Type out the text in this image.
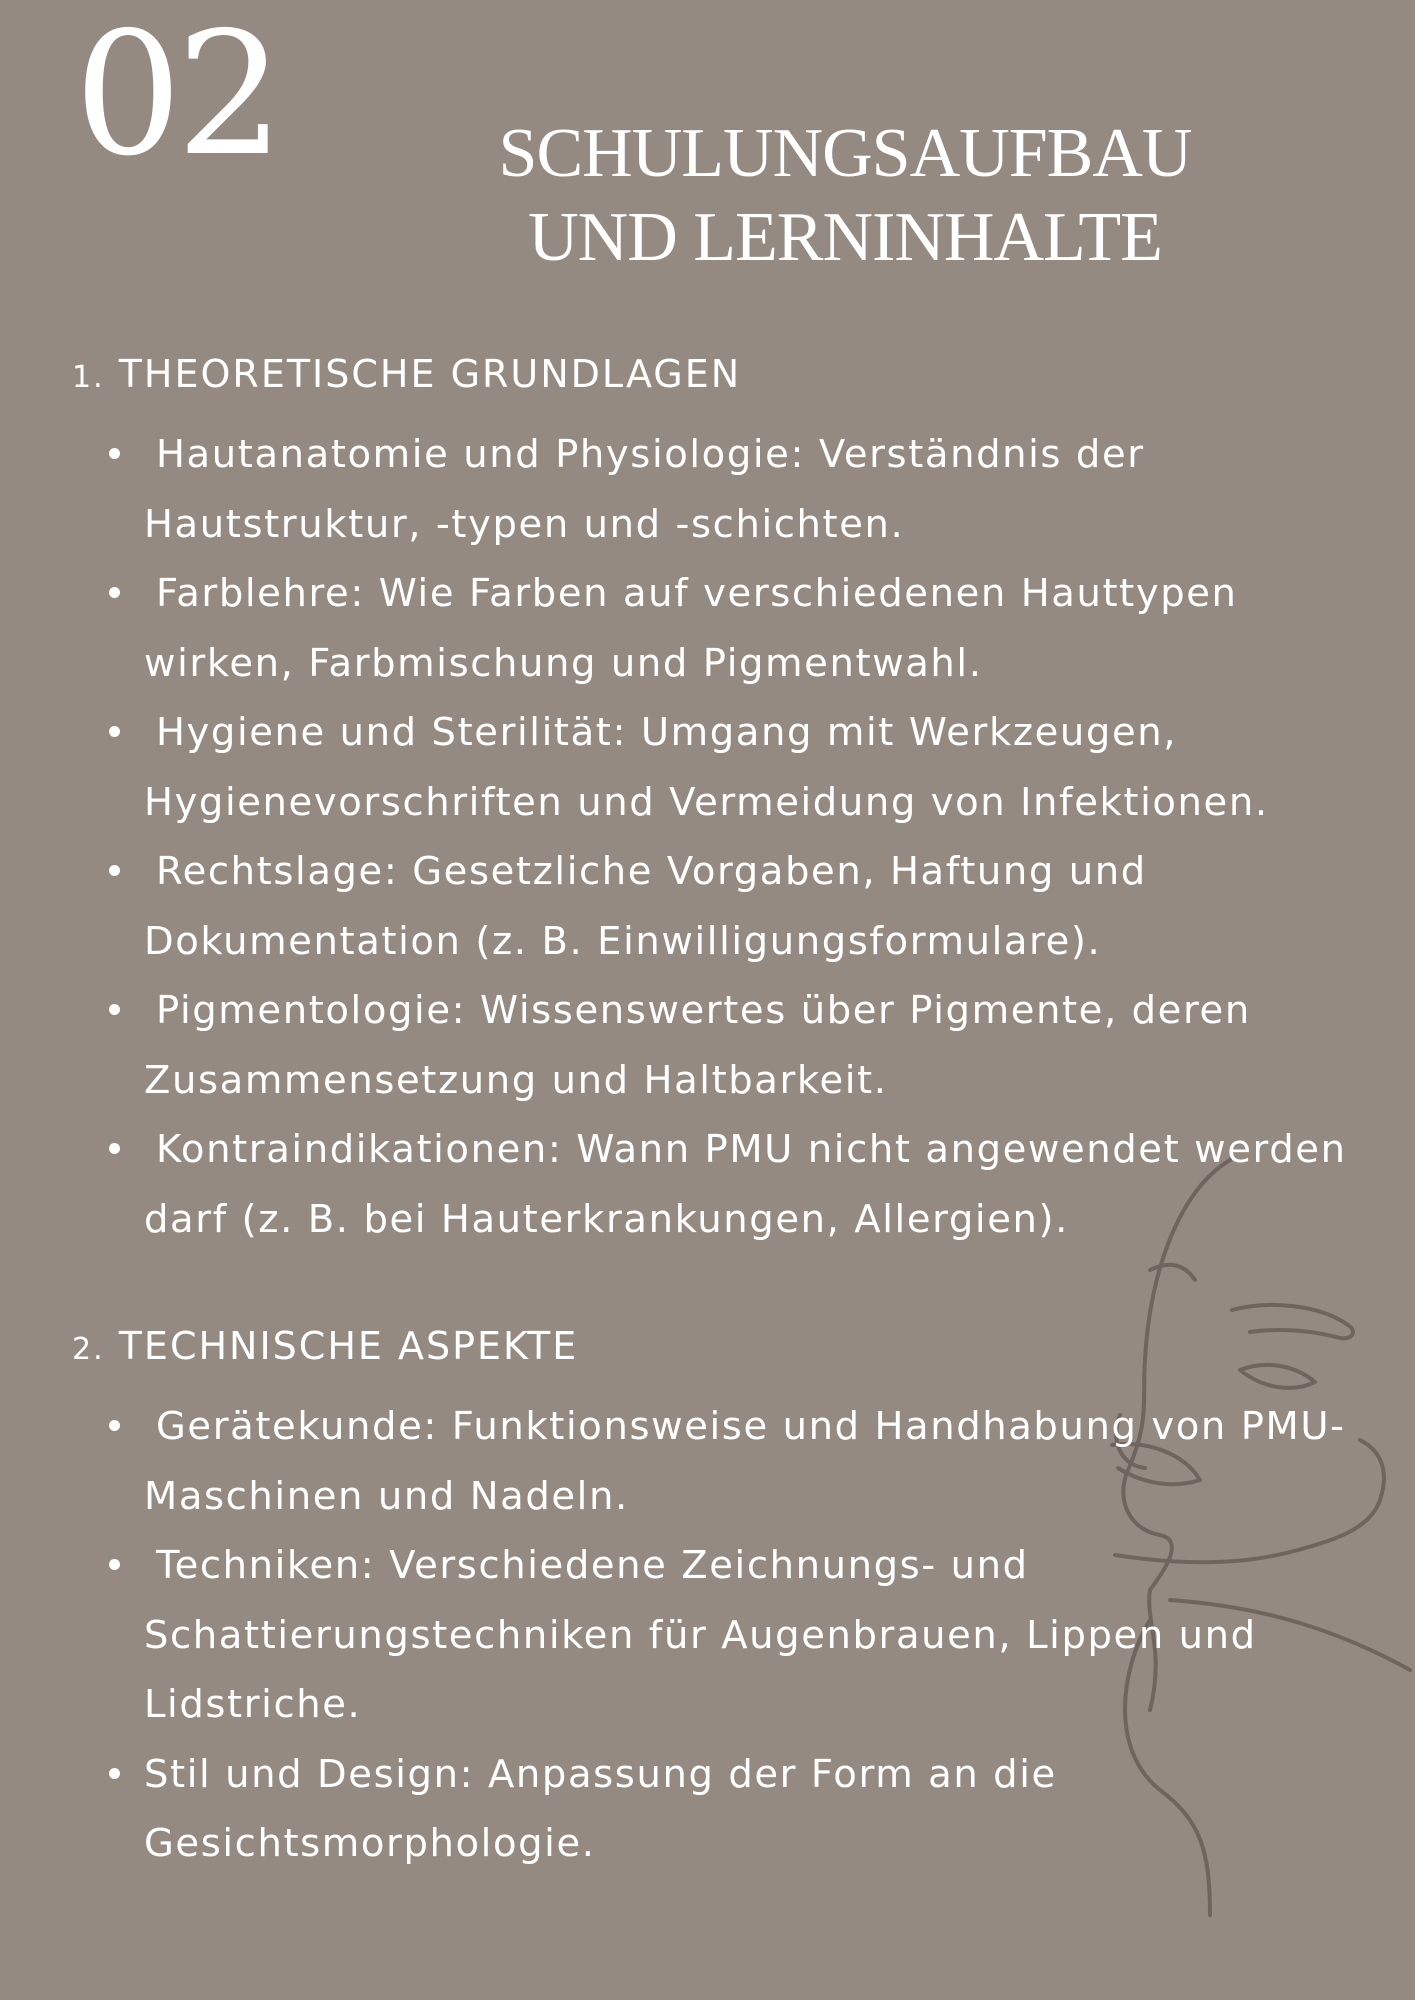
02	SCHULUNGSAUFBAU UND LERNINHALTE
1. THEORETISCHE GRUNDLAGEN
Hautanatomie und Physiologie: Verständnis der Hautstruktur, -typen und -schichten.
Farblehre: Wie Farben auf verschiedenen Hauttypen wirken, Farbmischung und Pigmentwahl.
Hygiene und Sterilität: Umgang mit Werkzeugen, Hygienevorschriften und Vermeidung von Infektionen.
Rechtslage: Gesetzliche Vorgaben, Haftung und Dokumentation (z. B. Einwilligungsformulare).
Pigmentologie: Wissenswertes über Pigmente, deren Zusammensetzung und Haltbarkeit.
Kontraindikationen: Wann PMU nicht angewendet werden darf (z. B. bei Hauterkrankungen, Allergien).
2. TECHNISCHE ASPEKTE
Gerätekunde: Funktionsweise und Handhabung von PMU-Maschinen und Nadeln.
Techniken: Verschiedene Zeichnungs- und Schattierungstechniken für Augenbrauen, Lippen und Lidstriche.
Stil und Design: Anpassung der Form an die Gesichtsmorphologie.
